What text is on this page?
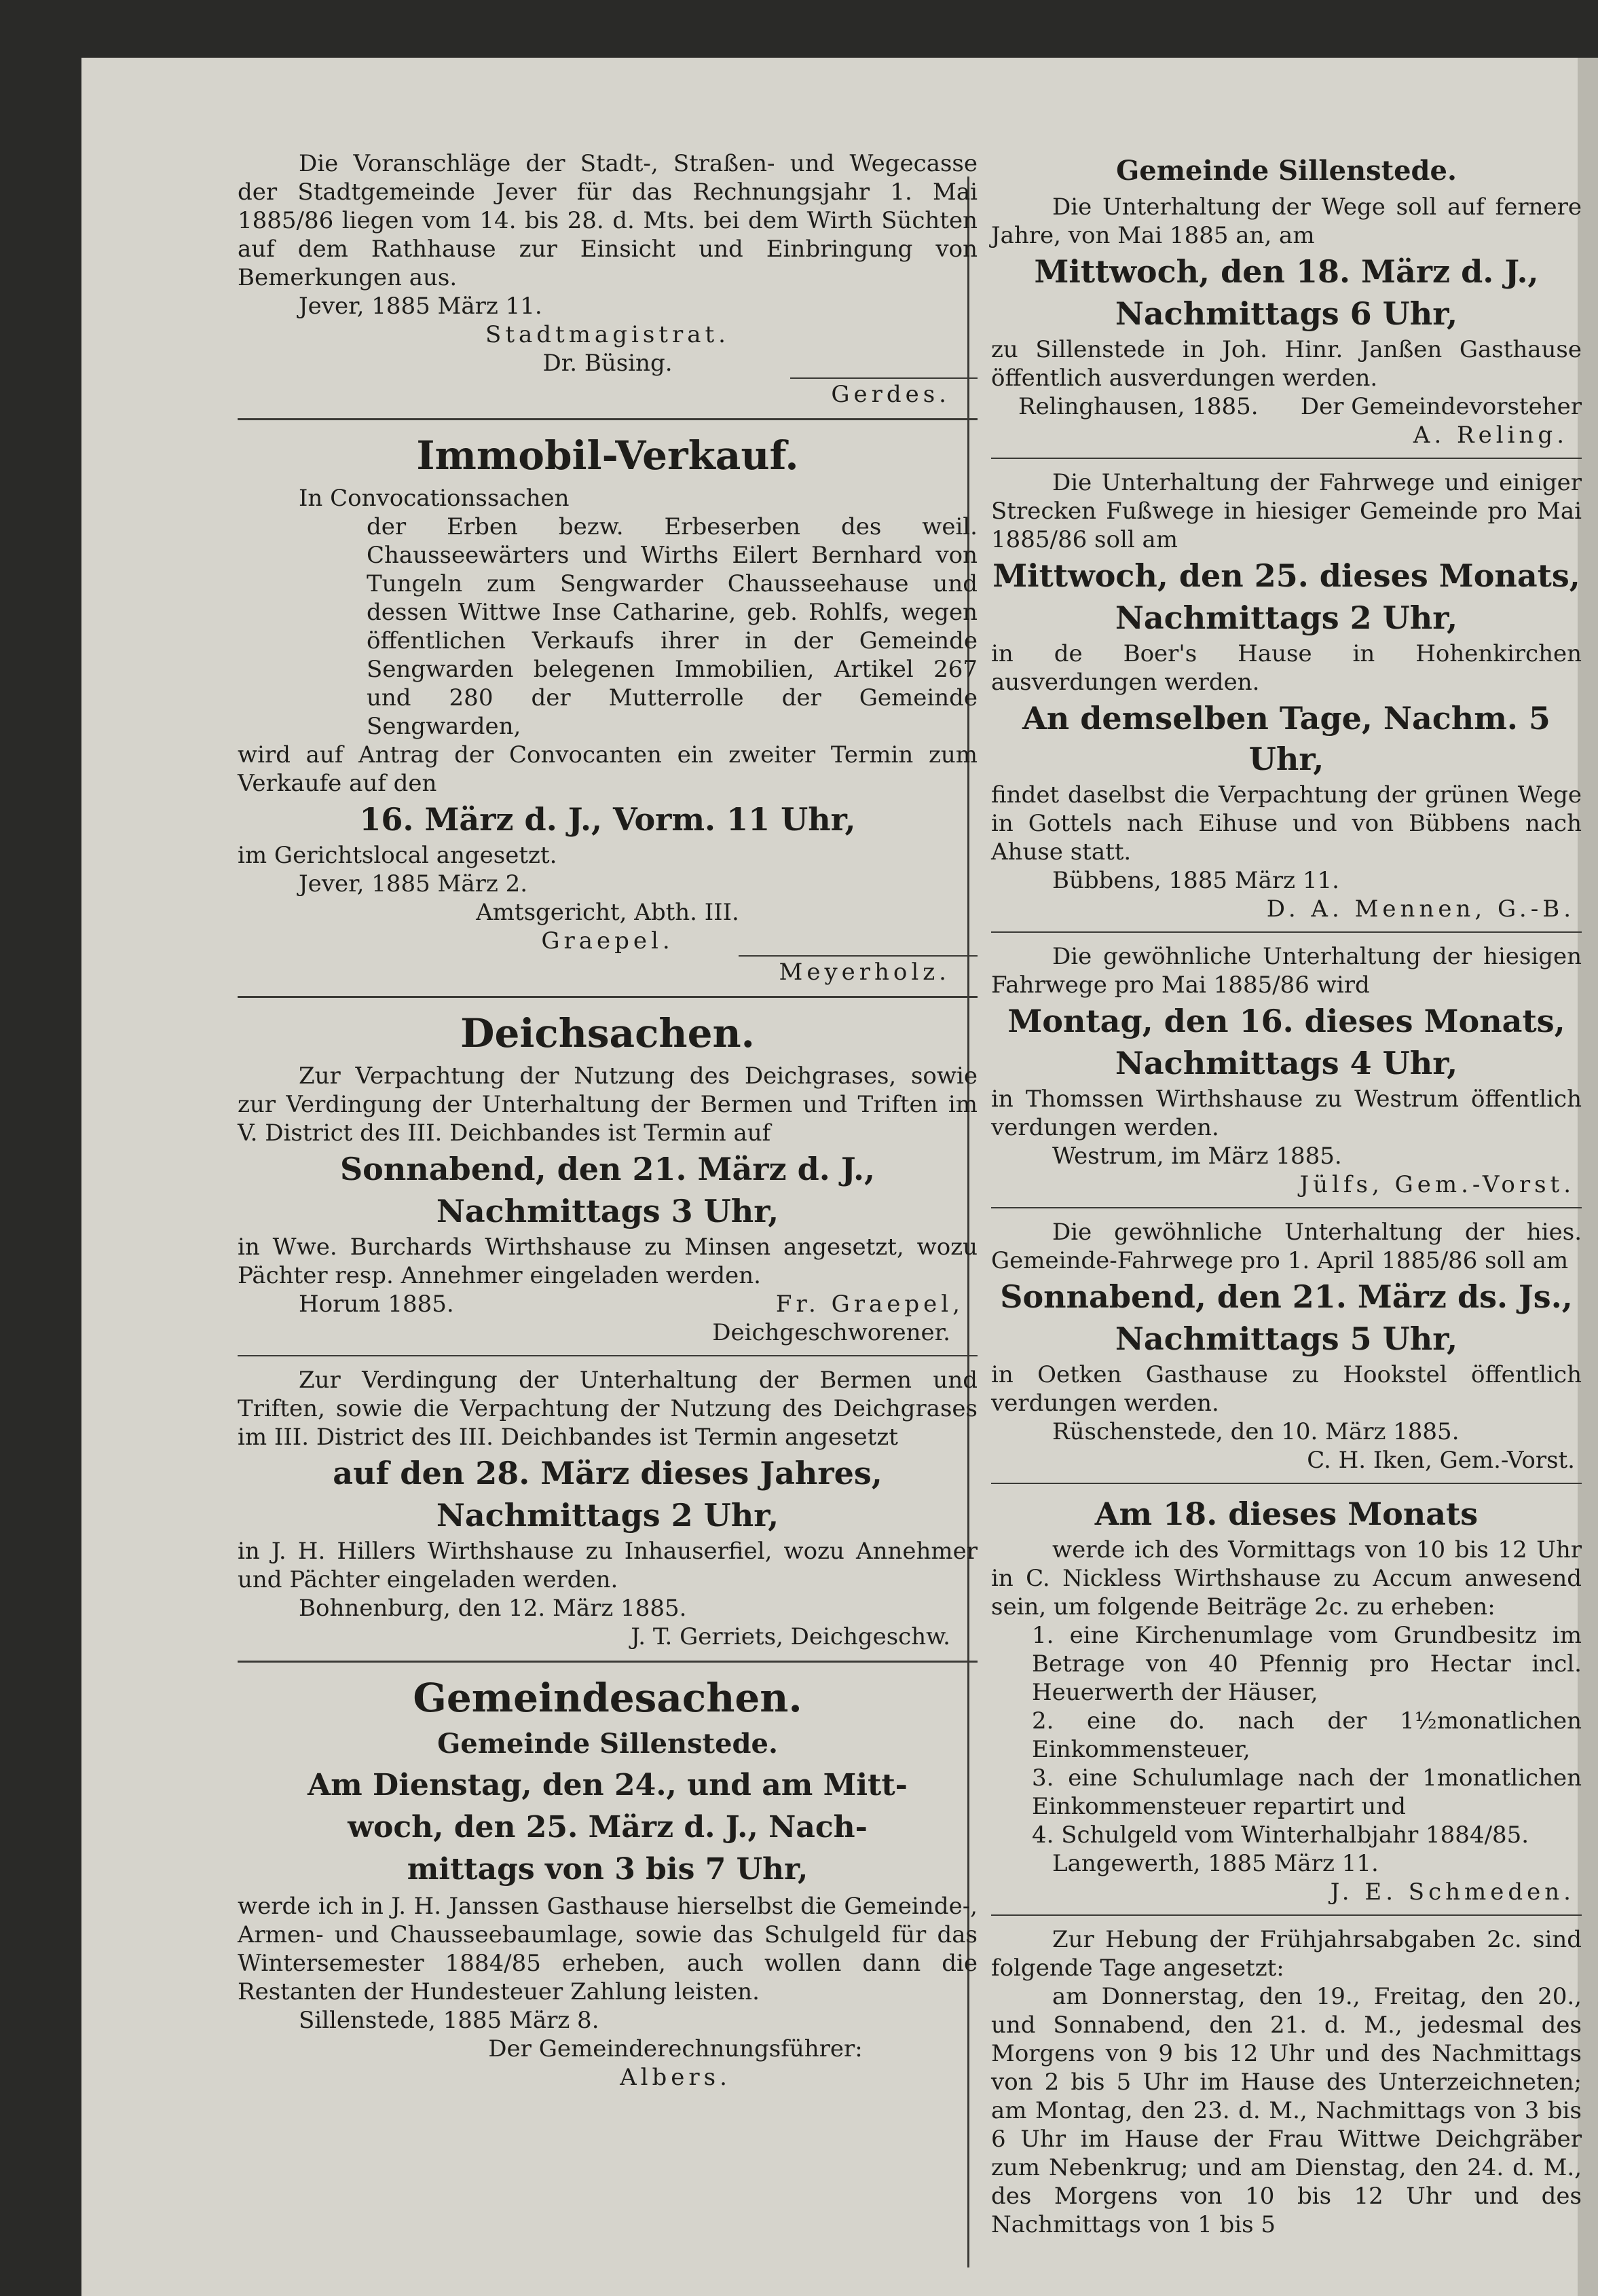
Die Voranschläge der Stadt-, Straßen- und Wegecasse der Stadtgemeinde Jever für das Rechnungsjahr 1. Mai 1885/86 liegen vom 14. bis 28. d. Mts. bei dem Wirth Süchten auf dem Rathhause zur Einsicht und Einbringung von Bemerkungen aus.

Jever, 1885 März 11.

Stadtmagistrat.

Dr. Büsing.

Gerdes.

Immobil-Verkauf.

In Convocationssachen

der Erben bezw. Erbeserben des weil. Chausseewärters und Wirths Eilert Bernhard von Tungeln zum Sengwarder Chausseehause und dessen Wittwe Inse Catharine, geb. Rohlfs, wegen öffentlichen Verkaufs ihrer in der Gemeinde Sengwarden belegenen Immobilien, Artikel 267 und 280 der Mutterrolle der Gemeinde Sengwarden,

wird auf Antrag der Convocanten ein zweiter Termin zum Verkaufe auf den

16. März d. J., Vorm. 11 Uhr,

im Gerichtslocal angesetzt.

Jever, 1885 März 2.

Amtsgericht, Abth. III.

Graepel.

Meyerholz.

Deichsachen.

Zur Verpachtung der Nutzung des Deichgrases, sowie zur Verdingung der Unterhaltung der Bermen und Triften im V. District des III. Deichbandes ist Termin auf

Sonnabend, den 21. März d. J.,

Nachmittags 3 Uhr,

in Wwe. Burchards Wirthshause zu Minsen angesetzt, wozu Pächter resp. Annehmer eingeladen werden.

Horum 1885.	Fr. Graepel,

Deichgeschworener.

Zur Verdingung der Unterhaltung der Bermen und Triften, sowie die Verpachtung der Nutzung des Deichgrases im III. District des III. Deichbandes ist Termin angesetzt

auf den 28. März dieses Jahres,

Nachmittags 2 Uhr,

in J. H. Hillers Wirthshause zu Inhauserfiel, wozu Annehmer und Pächter eingeladen werden.

Bohnenburg, den 12. März 1885.

J. T. Gerriets, Deichgeschw.

Gemeindesachen.

Gemeinde Sillenstede.

Am Dienstag, den 24., und am Mitt-

woch, den 25. März d. J., Nach-

mittags von 3 bis 7 Uhr,

werde ich in J. H. Janssen Gasthause hierselbst die Gemeinde-, Armen- und Chausseebaumlage, sowie das Schulgeld für das Wintersemester 1884/85 erheben, auch wollen dann die Restanten der Hundesteuer Zahlung leisten.

Sillenstede, 1885 März 8.

Der Gemeinderechnungsführer:

Albers.

Gemeinde Sillenstede.

Die Unterhaltung der Wege soll auf fernere Jahre, von Mai 1885 an, am

Mittwoch, den 18. März d. J.,

Nachmittags 6 Uhr,

zu Sillenstede in Joh. Hinr. Janßen Gasthause öffentlich ausverdungen werden.

Relinghausen, 1885. Der Gemeindevorsteher

A. Reling.

Die Unterhaltung der Fahrwege und einiger Strecken Fußwege in hiesiger Gemeinde pro Mai 1885/86 soll am

Mittwoch, den 25. dieses Monats,

Nachmittags 2 Uhr,

in de Boer's Hause in Hohenkirchen ausverdungen werden.

An demselben Tage, Nachm. 5 Uhr,

findet daselbst die Verpachtung der grünen Wege in Gottels nach Eihuse und von Bübbens nach Ahuse statt.

Bübbens, 1885 März 11.

D. A. Mennen, G.-B.

Die gewöhnliche Unterhaltung der hiesigen Fahrwege pro Mai 1885/86 wird

Montag, den 16. dieses Monats,

Nachmittags 4 Uhr,

in Thomssen Wirthshause zu Westrum öffentlich verdungen werden.

Westrum, im März 1885.

Jülfs, Gem.-Vorst.

Die gewöhnliche Unterhaltung der hies. Gemeinde-Fahrwege pro 1. April 1885/86 soll am

Sonnabend, den 21. März ds. Js.,

Nachmittags 5 Uhr,

in Oetken Gasthause zu Hookstel öffentlich verdungen werden.

Rüschenstede, den 10. März 1885.

C. H. Iken, Gem.-Vorst.

Am 18. dieses Monats

werde ich des Vormittags von 10 bis 12 Uhr in C. Nickless Wirthshause zu Accum anwesend sein, um folgende Beiträge 2c. zu erheben:

1. eine Kirchenumlage vom Grundbesitz im Betrage von 40 Pfennig pro Hectar incl. Heuerwerth der Häuser,

2. eine do. nach der 1½monatlichen Einkommensteuer,

3. eine Schulumlage nach der 1monatlichen Einkommensteuer repartirt und

4. Schulgeld vom Winterhalbjahr 1884/85.

Langewerth, 1885 März 11.

J. E. Schmeden.

Zur Hebung der Frühjahrsabgaben 2c. sind folgende Tage angesetzt:

am Donnerstag, den 19., Freitag, den 20., und Sonnabend, den 21. d. M., jedesmal des Morgens von 9 bis 12 Uhr und des Nachmittags von 2 bis 5 Uhr im Hause des Unterzeichneten; am Montag, den 23. d. M., Nachmittags von 3 bis 6 Uhr im Hause der Frau Wittwe Deichgräber zum Nebenkrug; und am Dienstag, den 24. d. M., des Morgens von 10 bis 12 Uhr und des Nachmittags von 1 bis 5
